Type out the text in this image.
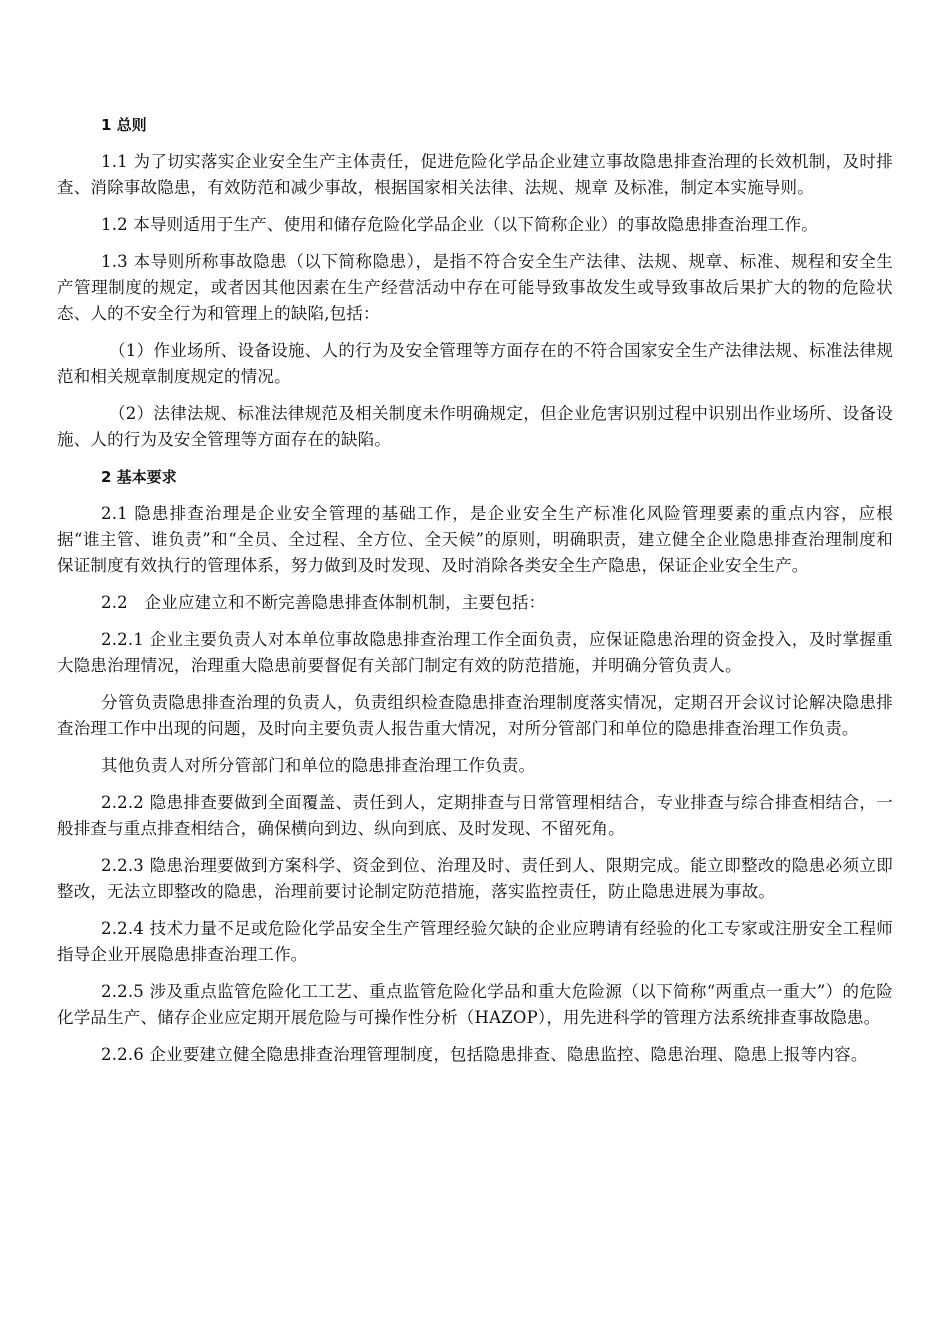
1 总则

1.1 为了切实落实企业安全生产主体责任，促进危险化学品企业建立事故隐患排查治理的长效机制，及时排查、消除事故隐患，有效防范和减少事故，根据国家相关法律、法规、规章 及标准，制定本实施导则。

1.2 本导则适用于生产、使用和储存危险化学品企业（以下简称企业）的事故隐患排查治理工作。

1.3 本导则所称事故隐患（以下简称隐患），是指不符合安全生产法律、法规、规章、标准、规程和安全生产管理制度的规定，或者因其他因素在生产经营活动中存在可能导致事故发生或导致事故后果扩大的物的危险状态、人的不安全行为和管理上的缺陷,包括：

（1）作业场所、设备设施、人的行为及安全管理等方面存在的不符合国家安全生产法律法规、标准法律规范和相关规章制度规定的情况。

（2）法律法规、标准法律规范及相关制度未作明确规定，但企业危害识别过程中识别出作业场所、设备设施、人的行为及安全管理等方面存在的缺陷。

2 基本要求

2.1 隐患排查治理是企业安全管理的基础工作，是企业安全生产标准化风险管理要素的重点内容，应根据“谁主管、谁负责”和“全员、全过程、全方位、全天候”的原则，明确职责，建立健全企业隐患排查治理制度和保证制度有效执行的管理体系，努力做到及时发现、及时消除各类安全生产隐患，保证企业安全生产。

2.2　企业应建立和不断完善隐患排查体制机制，主要包括：

2.2.1 企业主要负责人对本单位事故隐患排查治理工作全面负责，应保证隐患治理的资金投入，及时掌握重大隐患治理情况，治理重大隐患前要督促有关部门制定有效的防范措施，并明确分管负责人。

分管负责隐患排查治理的负责人，负责组织检查隐患排查治理制度落实情况，定期召开会议讨论解决隐患排查治理工作中出现的问题，及时向主要负责人报告重大情况，对所分管部门和单位的隐患排查治理工作负责。

其他负责人对所分管部门和单位的隐患排查治理工作负责。

2.2.2 隐患排查要做到全面覆盖、责任到人，定期排查与日常管理相结合，专业排查与综合排查相结合，一般排查与重点排查相结合，确保横向到边、纵向到底、及时发现、不留死角。

2.2.3 隐患治理要做到方案科学、资金到位、治理及时、责任到人、限期完成。能立即整改的隐患必须立即整改，无法立即整改的隐患，治理前要讨论制定防范措施，落实监控责任，防止隐患进展为事故。

2.2.4 技术力量不足或危险化学品安全生产管理经验欠缺的企业应聘请有经验的化工专家或注册安全工程师指导企业开展隐患排查治理工作。

2.2.5 涉及重点监管危险化工工艺、重点监管危险化学品和重大危险源（以下简称“两重点一重大”）的危险化学品生产、储存企业应定期开展危险与可操作性分析（HAZOP），用先进科学的管理方法系统排查事故隐患。

2.2.6 企业要建立健全隐患排查治理管理制度，包括隐患排查、隐患监控、隐患治理、隐患上报等内容。
